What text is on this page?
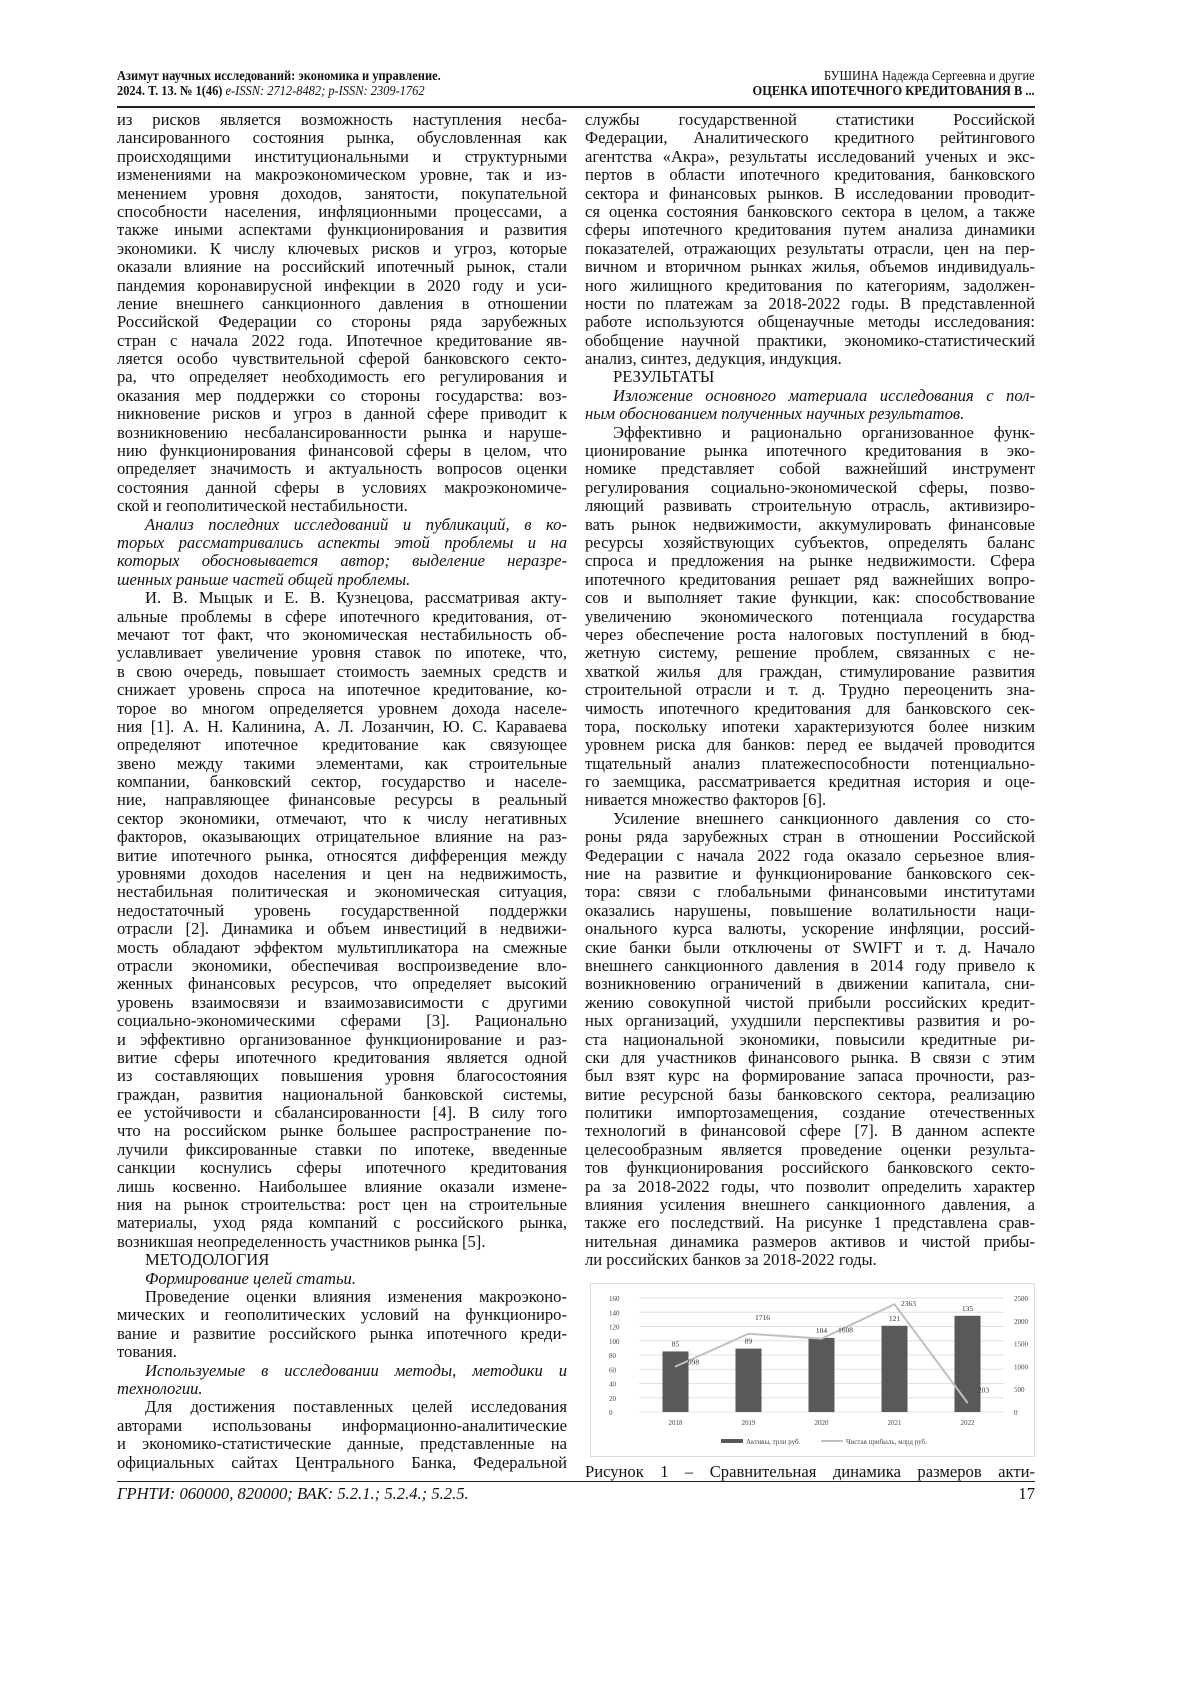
Азимут научных исследований: экономика и управление.
2024. Т. 13. № 1(46) e-ISSN: 2712-8482; p-ISSN: 2309-1762
БУШИНА Надежда Сергеевна и другие
ОЦЕНКА ИПОТЕЧНОГО КРЕДИТОВАНИЯ В ...
из рисков является возможность наступления несба-
лансированного состояния рынка, обусловленная как
происходящими институциональными и структурными
изменениями на макроэкономическом уровне, так и из-
менением уровня доходов, занятости, покупательной
способности населения, инфляционными процессами, а
также иными аспектами функционирования и развития
экономики. К числу ключевых рисков и угроз, которые
оказали влияние на российский ипотечный рынок, стали
пандемия коронавирусной инфекции в 2020 году и уси-
ление внешнего санкционного давления в отношении
Российской Федерации со стороны ряда зарубежных
стран с начала 2022 года. Ипотечное кредитование яв-
ляется особо чувствительной сферой банковского секто-
ра, что определяет необходимость его регулирования и
оказания мер поддержки со стороны государства: воз-
никновение рисков и угроз в данной сфере приводит к
возникновению несбалансированности рынка и наруше-
нию функционирования финансовой сферы в целом, что
определяет значимость и актуальность вопросов оценки
состояния данной сферы в условиях макроэкономиче-
ской и геополитической нестабильности.
Анализ последних исследований и публикаций, в ко-
торых рассматривались аспекты этой проблемы и на
которых обосновывается автор; выделение неразре-
шенных раньше частей общей проблемы.
И. В. Мыцык и Е. В. Кузнецова, рассматривая акту-
альные проблемы в сфере ипотечного кредитования, от-
мечают тот факт, что экономическая нестабильность об-
уславливает увеличение уровня ставок по ипотеке, что,
в свою очередь, повышает стоимость заемных средств и
снижает уровень спроса на ипотечное кредитование, ко-
торое во многом определяется уровнем дохода населе-
ния [1]. А. Н. Калинина, А. Л. Лозанчин, Ю. С. Караваева
определяют ипотечное кредитование как связующее
звено между такими элементами, как строительные
компании, банковский сектор, государство и населе-
ние, направляющее финансовые ресурсы в реальный
сектор экономики, отмечают, что к числу негативных
факторов, оказывающих отрицательное влияние на раз-
витие ипотечного рынка, относятся дифференция между
уровнями доходов населения и цен на недвижимость,
нестабильная политическая и экономическая ситуация,
недостаточный уровень государственной поддержки
отрасли [2]. Динамика и объем инвестиций в недвижи-
мость обладают эффектом мультипликатора на смежные
отрасли экономики, обеспечивая воспроизведение вло-
женных финансовых ресурсов, что определяет высокий
уровень взаимосвязи и взаимозависимости с другими
социально-экономическими сферами [3]. Рационально
и эффективно организованное функционирование и раз-
витие сферы ипотечного кредитования является одной
из составляющих повышения уровня благосостояния
граждан, развития национальной банковской системы,
ее устойчивости и сбалансированности [4]. В силу того
что на российском рынке большее распространение по-
лучили фиксированные ставки по ипотеке, введенные
санкции коснулись сферы ипотечного кредитования
лишь косвенно. Наибольшее влияние оказали измене-
ния на рынок строительства: рост цен на строительные
материалы, уход ряда компаний с российского рынка,
возникшая неопределенность участников рынка [5].
МЕТОДОЛОГИЯ
Формирование целей статьи.
Проведение оценки влияния изменения макроэконо-
мических и геополитических условий на функциониро-
вание и развитие российского рынка ипотечного креди-
тования.
Используемые в исследовании методы, методики и
технологии.
Для достижения поставленных целей исследования
авторами использованы информационно-аналитические
и экономико-статистические данные, представленные на
официальных сайтах Центрального Банка, Федеральной
службы государственной статистики Российской
Федерации, Аналитического кредитного рейтингового
агентства «Акра», результаты исследований ученых и экс-
пертов в области ипотечного кредитования, банковского
сектора и финансовых рынков. В исследовании проводит-
ся оценка состояния банковского сектора в целом, а также
сферы ипотечного кредитования путем анализа динамики
показателей, отражающих результаты отрасли, цен на пер-
вичном и вторичном рынках жилья, объемов индивидуаль-
ного жилищного кредитования по категориям, задолжен-
ности по платежам за 2018-2022 годы. В представленной
работе используются общенаучные методы исследования:
обобщение научной практики, экономико-статистический
анализ, синтез, дедукция, индукция.
РЕЗУЛЬТАТЫ
Изложение основного материала исследования с пол-
ным обоснованием полученных научных результатов.
Эффективно и рационально организованное функ-
ционирование рынка ипотечного кредитования в эко-
номике представляет собой важнейший инструмент
регулирования социально-экономической сферы, позво-
ляющий развивать строительную отрасль, активизиро-
вать рынок недвижимости, аккумулировать финансовые
ресурсы хозяйствующих субъектов, определять баланс
спроса и предложения на рынке недвижимости. Сфера
ипотечного кредитования решает ряд важнейших вопро-
сов и выполняет такие функции, как: способствование
увеличению экономического потенциала государства
через обеспечение роста налоговых поступлений в бюд-
жетную систему, решение проблем, связанных с не-
хваткой жилья для граждан, стимулирование развития
строительной отрасли и т. д. Трудно переоценить зна-
чимость ипотечного кредитования для банковского сек-
тора, поскольку ипотеки характеризуются более низким
уровнем риска для банков: перед ее выдачей проводится
тщательный анализ платежеспособности потенциально-
го заемщика, рассматривается кредитная история и оце-
нивается множество факторов [6].
Усиление внешнего санкционного давления со сто-
роны ряда зарубежных стран в отношении Российской
Федерации с начала 2022 года оказало серьезное влия-
ние на развитие и функционирование банковского сек-
тора: связи с глобальными финансовыми институтами
оказались нарушены, повышение волатильности наци-
онального курса валюты, ускорение инфляции, россий-
ские банки были отключены от SWIFT и т. д. Начало
внешнего санкционного давления в 2014 году привело к
возникновению ограничений в движении капитала, сни-
жению совокупной чистой прибыли российских кредит-
ных организаций, ухудшили перспективы развития и ро-
ста национальной экономики, повысили кредитные ри-
ски для участников финансового рынка. В связи с этим
был взят курс на формирование запаса прочности, раз-
витие ресурсной базы банковского сектора, реализацию
политики импортозамещения, создание отечественных
технологий в финансовой сфере [7]. В данном аспекте
целесообразным является проведение оценки результа-
тов функционирования российского банковского секто-
ра за 2018-2022 годы, что позволит определить характер
влияния усиления внешнего санкционного давления, а
также его последствий. На рисунке 1 представлена срав-
нительная динамика размеров активов и чистой прибы-
ли российских банков за 2018-2022 годы.
0
20
40
60
80
100
120
140
160
0
500
1000
1500
2000
2500
85
2018
89
2019
104
2020
121
2021
135
2022
998
1716
1608
2363
203
Активы, трлн руб.	Чистая прибыль, млрд руб.
Рисунок 1 – Сравнительная динамика размеров акти-
ГРНТИ: 060000, 820000; ВАК: 5.2.1.; 5.2.4.; 5.2.5.	17
